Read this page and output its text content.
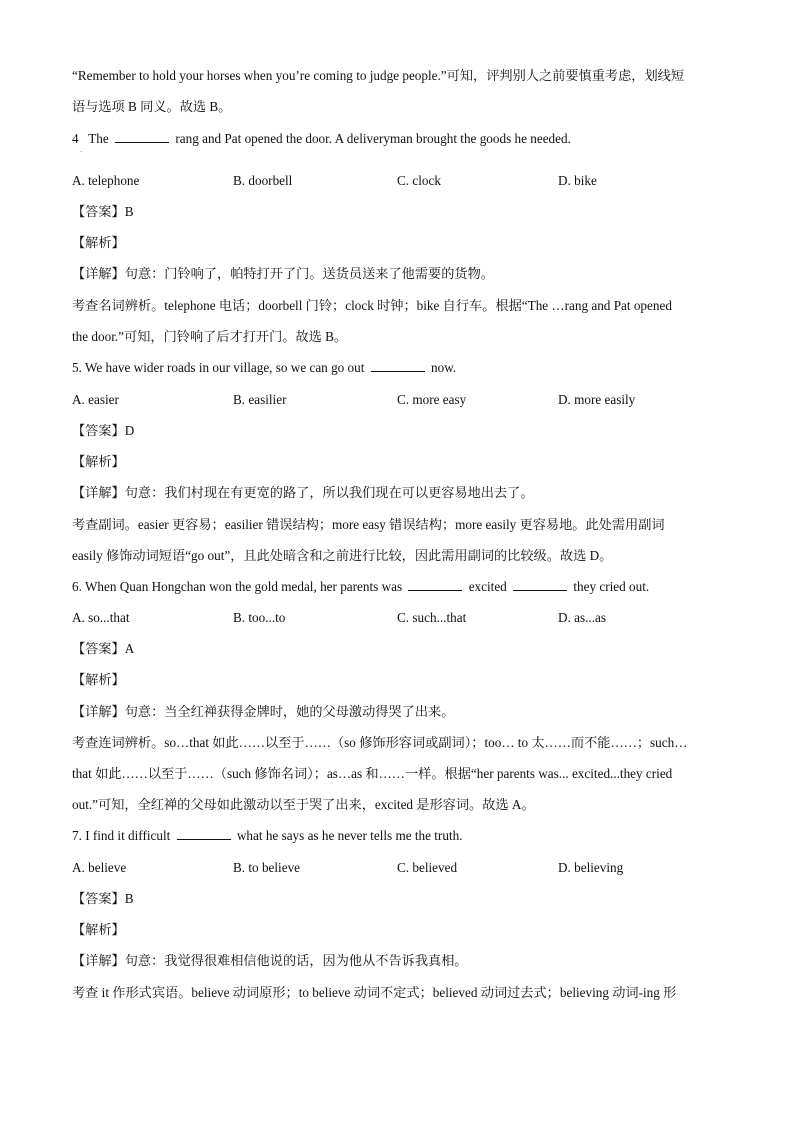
“Remember to hold your horses when you’re coming to judge people.”可知，评判别人之前要慎重考虑，划线短
语与选项 B 同义。故选 B。
4 The	rang and Pat opened the door. A deliveryman brought the goods he needed.
·
A. telephone	B. doorbell	C. clock	D. bike
【答案】B
【解析】
【详解】句意：门铃响了，帕特打开了门。送货员送来了他需要的货物。
考查名词辨析。telephone 电话；doorbell 门铃；clock 时钟；bike 自行车。根据“The …rang and Pat opened
the door.”可知，门铃响了后才打开门。故选 B。
5. We have wider roads in our village, so we can go out	now.
A. easier	B. easilier	C. more easy	D. more easily
【答案】D
【解析】
【详解】句意：我们村现在有更宽的路了，所以我们现在可以更容易地出去了。
考查副词。easier 更容易；easilier 错误结构；more easy 错误结构；more easily 更容易地。此处需用副词
easily 修饰动词短语“go out”，且此处暗含和之前进行比较，因此需用副词的比较级。故选 D。
6. When Quan Hongchan won the gold medal, her parents was	excited	they cried out.
A. so...that	B. too...to	C. such...that	D. as...as
【答案】A
【解析】
【详解】句意：当全红禅获得金牌时，她的父母激动得哭了出来。
考查连词辨析。so…that 如此……以至于……（so 修饰形容词或副词）；too… to 太……而不能……；such…
that 如此……以至于……（such 修饰名词）；as…as 和……一样。根据“her parents was... excited...they cried
out.”可知，全红禅的父母如此激动以至于哭了出来，excited 是形容词。故选 A。
7. I find it difficult	what he says as he never tells me the truth.
A. believe	B. to believe	C. believed	D. believing
【答案】B
【解析】
【详解】句意：我觉得很难相信他说的话，因为他从不告诉我真相。
考查 it 作形式宾语。believe 动词原形；to believe 动词不定式；believed 动词过去式；believing 动词-ing 形
